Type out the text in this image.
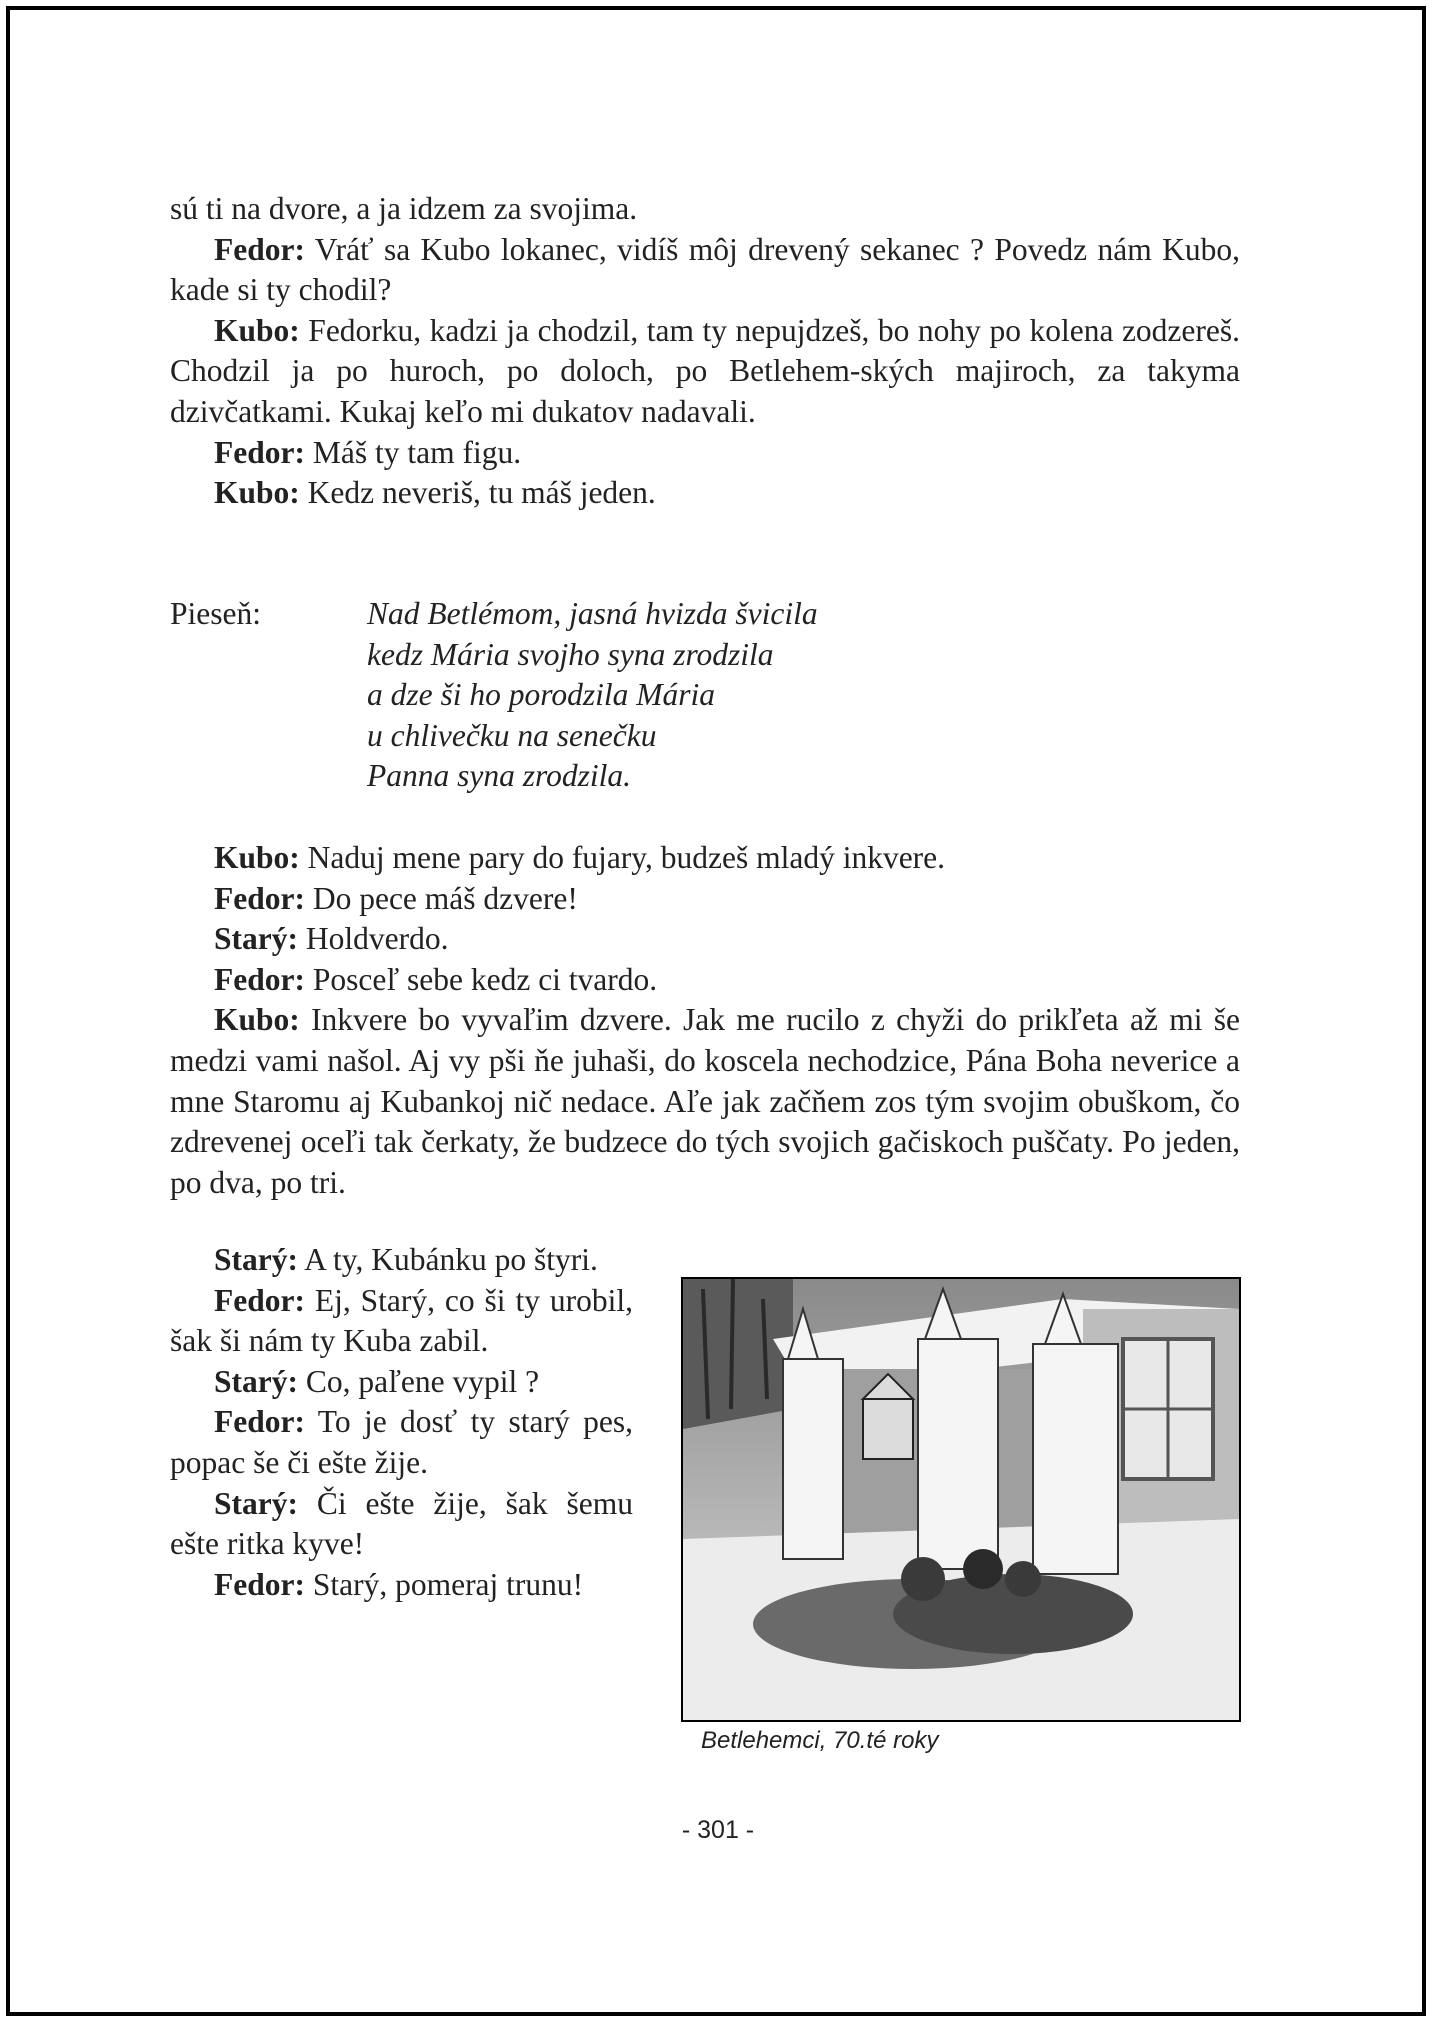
sú ti na dvore, a ja idzem za svojima.

Fedor: Vráť sa Kubo lokanec, vidíš môj drevený sekanec ? Povedz nám Kubo, kade si ty chodil?

Kubo: Fedorku, kadzi ja chodzil, tam ty nepujdzeš, bo nohy po kolena zodzereš. Chodzil ja po huroch, po doloch, po Betlehem-ských majiroch, za takyma dzivčatkami. Kukaj keľo mi dukatov nadavali.

Fedor: Máš ty tam figu.

Kubo: Kedz neveriš, tu máš jeden.

Pieseň:	Nad Betlémom, jasná hvizda švicila
kedz Mária svojho syna zrodzila
a dze ši ho porodzila Mária
u chlivečku na senečku
Panna syna zrodzila.

Kubo: Naduj mene pary do fujary, budzeš mladý inkvere.

Fedor: Do pece máš dzvere!

Starý: Holdverdo.

Fedor: Posceľ sebe kedz ci tvardo.

Kubo: Inkvere bo vyvaľim dzvere. Jak me rucilo z chyži do prikľeta až mi še medzi vami našol. Aj vy pši ňe juhaši, do koscela nechodzice, Pána Boha neverice a mne Staromu aj Kubankoj nič nedace. Aľe jak začňem zos tým svojim obuškom, čo zdrevenej oceľi tak čerkaty, že budzece do tých svojich gačiskoch puščaty. Po jeden, po dva, po tri.

Starý: A ty, Kubánku po štyri.

Fedor: Ej, Starý, co ši ty urobil, šak ši nám ty Kuba zabil.

Starý: Co, paľene vypil ?

Fedor: To je dosť ty starý pes, popac še či ešte žije.

Starý: Či ešte žije, šak šemu ešte ritka kyve!

Fedor: Starý, pomeraj trunu!

Betlehemci, 70.té roky
- 301 -
